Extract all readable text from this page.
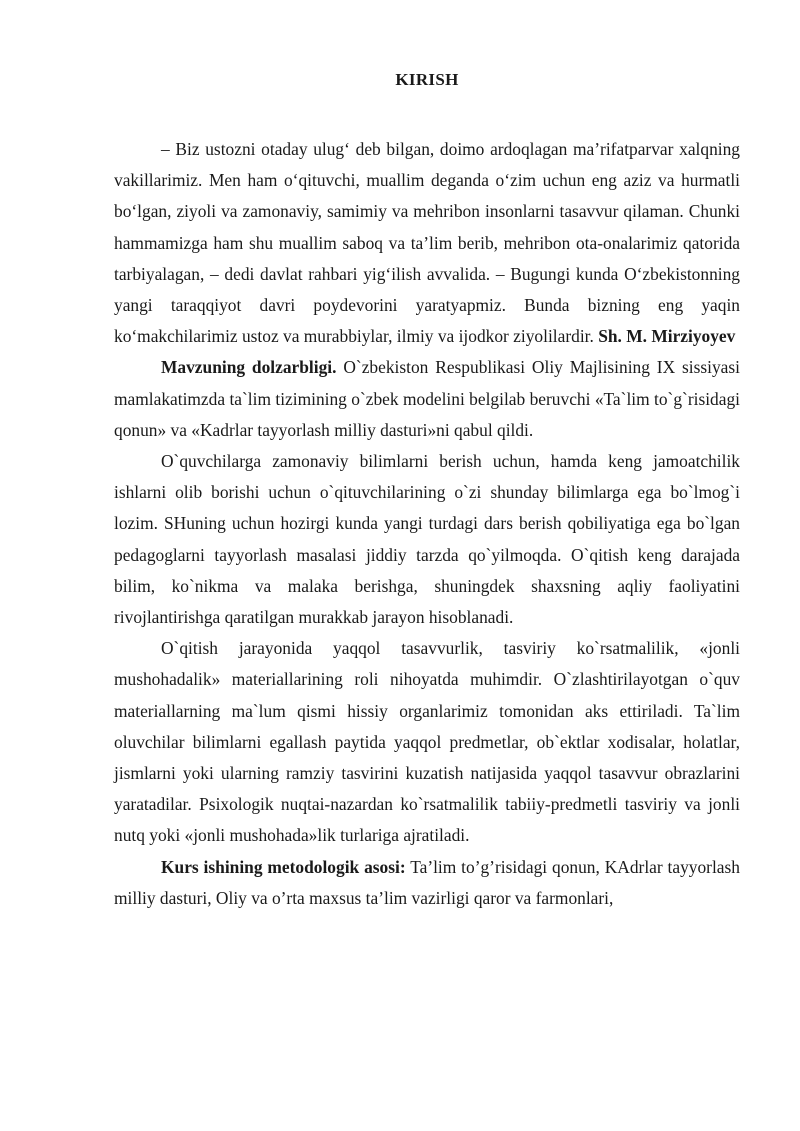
KIRISH

– Biz ustozni otaday ulug‘ deb bilgan, doimo ardoqlagan ma’rifatparvar xalqning vakillarimiz. Men ham o‘qituvchi, muallim deganda o‘zim uchun eng aziz va hurmatli bo‘lgan, ziyoli va zamonaviy, samimiy va mehribon insonlarni tasavvur qilaman. Chunki hammamizga ham shu muallim saboq va ta’lim berib, mehribon ota-onalarimiz qatorida tarbiyalagan, – dedi davlat rahbari yig‘ilish avvalida. – Bugungi kunda O‘zbekistonning yangi taraqqiyot davri poydevorini yaratyapmiz. Bunda bizning eng yaqin ko‘makchilarimiz ustoz va murabbiylar, ilmiy va ijodkor ziyolilardir. Sh. M. Mirziyoyev

Mavzuning dolzarbligi. O`zbekiston Respublikasi Oliy Majlisining IX sissiyasi mamlakatimzda ta`lim tizimining o`zbek modelini belgilab beruvchi «Ta`lim to`g`risidagi qonun» va «Kadrlar tayyorlash milliy dasturi»ni qabul qildi.

O`quvchilarga zamonaviy bilimlarni berish uchun, hamda keng jamoatchilik ishlarni olib borishi uchun o`qituvchilarining o`zi shunday bilimlarga ega bo`lmog`i lozim. SHuning uchun hozirgi kunda yangi turdagi dars berish qobiliyatiga ega bo`lgan pedagoglarni tayyorlash masalasi jiddiy tarzda qo`yilmoqda. O`qitish keng darajada bilim, ko`nikma va malaka berishga, shuningdek shaxsning aqliy faoliyatini rivojlantirishga qaratilgan murakkab jarayon hisoblanadi.

O`qitish jarayonida yaqqol tasavvurlik, tasviriy ko`rsatmalilik, «jonli mushohadalik» materiallarining roli nihoyatda muhimdir. O`zlashtirilayotgan o`quv materiallarning ma`lum qismi hissiy organlarimiz tomonidan aks ettiriladi. Ta`lim oluvchilar bilimlarni egallash paytida yaqqol predmetlar, ob`ektlar xodisalar, holatlar, jismlarni yoki ularning ramziy tasvirini kuzatish natijasida yaqqol tasavvur obrazlarini yaratadilar. Psixologik nuqtai-nazardan ko`rsatmalilik tabiiy-predmetli tasviriy va jonli nutq yoki «jonli mushohada»lik turlariga ajratiladi.

Kurs ishining metodologik asosi: Ta’lim to’g’risidagi qonun, KAdrlar tayyorlash milliy dasturi, Oliy va o’rta maxsus ta’lim vazirligi qaror va farmonlari,
